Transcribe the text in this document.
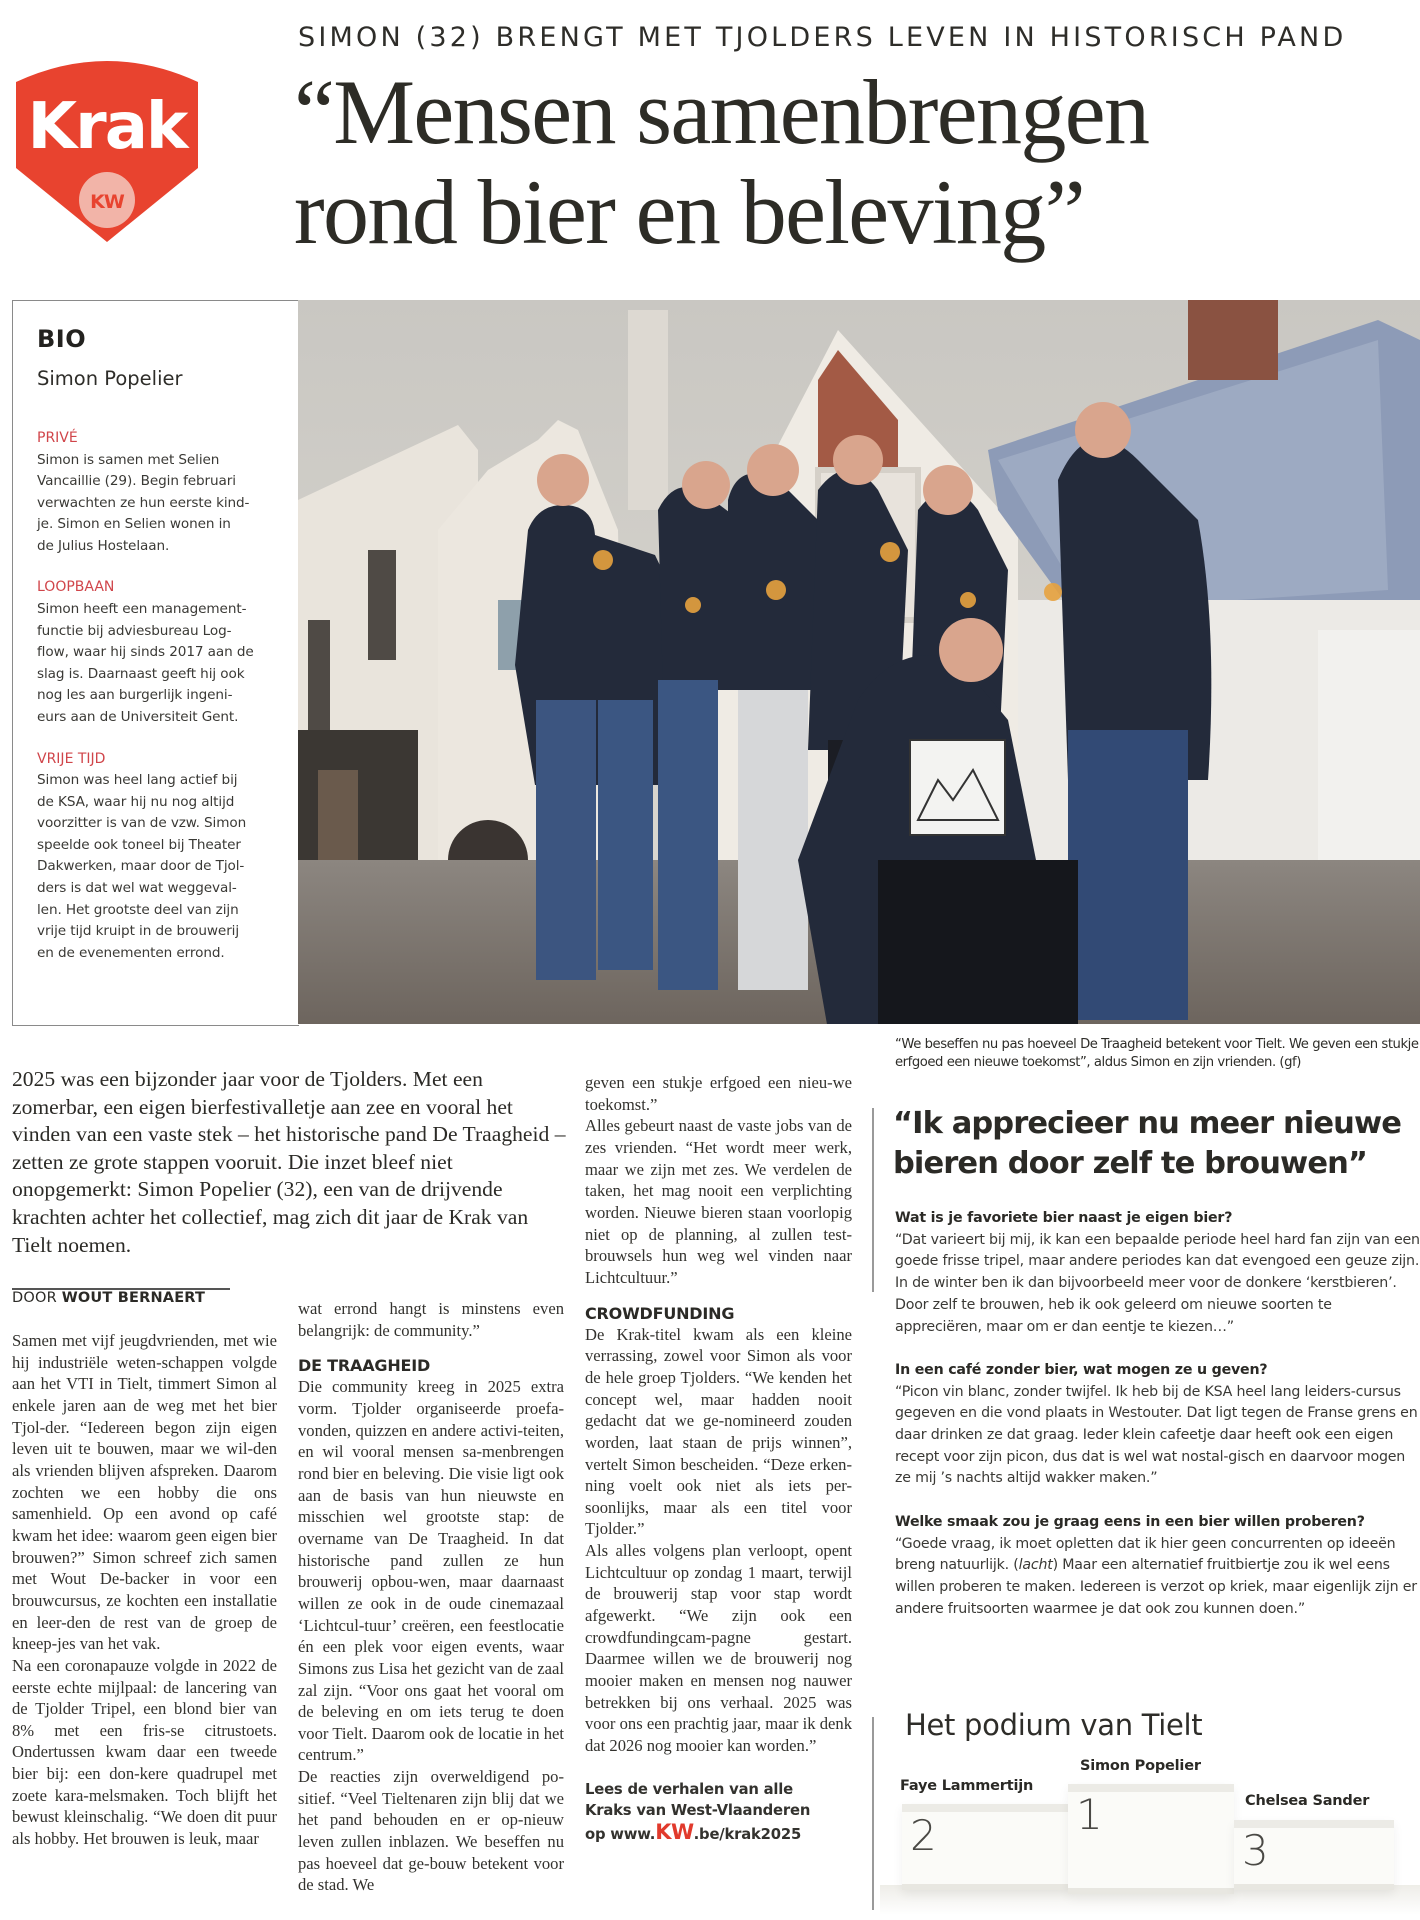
Krak
KW
SIMON (32) BRENGT MET TJOLDERS LEVEN IN HISTORISCH PAND
“Mensen samenbrengen
rond bier en beleving”
BIO
Simon Popelier
PRIVÉ
Simon is samen met Selien
Vancaillie (29). Begin februari
verwachten ze hun eerste kind-
je. Simon en Selien wonen in
de Julius Hostelaan.
LOOPBAAN
Simon heeft een management-
functie bij adviesbureau Log-
flow, waar hij sinds 2017 aan de
slag is. Daarnaast geeft hij ook
nog les aan burgerlijk ingeni-
eurs aan de Universiteit Gent.
VRIJE TIJD
Simon was heel lang actief bij
de KSA, waar hij nu nog altijd
voorzitter is van de vzw. Simon
speelde ook toneel bij Theater
Dakwerken, maar door de Tjol-
ders is dat wel wat weggeval-
len. Het grootste deel van zijn
vrije tijd kruipt in de brouwerij
en de evenementen errond.
“We beseffen nu pas hoeveel De Traagheid betekent voor Tielt. We geven een stukje erfgoed een nieuwe toekomst”, aldus Simon en zijn vrienden. (gf)
2025 was een bijzonder jaar voor de Tjolders. Met een zomerbar, een eigen bierfestivalletje aan zee en vooral het vinden van een vaste stek – het historische pand De Traagheid – zetten ze grote stappen vooruit. Die inzet bleef niet onopgemerkt: Simon Popelier (32), een van de drijvende krachten achter het collectief, mag zich dit jaar de Krak van Tielt noemen.
DOOR WOUT BERNAERT

Samen met vijf jeugdvrienden, met wie hij industriële weten-schappen volgde aan het VTI in Tielt, timmert Simon al enkele jaren aan de weg met het bier Tjol-der. “Iedereen begon zijn eigen leven uit te bouwen, maar we wil-den als vrienden blijven afspreken. Daarom zochten we een hobby die ons samenhield. Op een avond op café kwam het idee: waarom geen eigen bier brouwen?” Simon schreef zich samen met Wout De-backer in voor een brouwcursus, ze kochten een installatie en leer-den de rest van de groep de kneep-jes van het vak.

Na een coronapauze volgde in 2022 de eerste echte mijlpaal: de lancering van de Tjolder Tripel, een blond bier van 8% met een fris-se citrustoets. Ondertussen kwam daar een tweede bier bij: een don-kere quadrupel met zoete kara-melsmaken. Toch blijft het bewust kleinschalig. “We doen dit puur als hobby. Het brouwen is leuk, maar

wat errond hangt is minstens even belangrijk: de community.”

DE TRAAGHEID

Die community kreeg in 2025 extra vorm. Tjolder organiseerde proefa-vonden, quizzen en andere activi-teiten, en wil vooral mensen sa-menbrengen rond bier en beleving. Die visie ligt ook aan de basis van hun nieuwste en misschien wel grootste stap: de overname van De Traagheid. In dat historische pand zullen ze hun brouwerij opbou-wen, maar daarnaast willen ze ook in de oude cinemazaal ‘Lichtcul-tuur’ creëren, een feestlocatie én een plek voor eigen events, waar Simons zus Lisa het gezicht van de zaal zal zijn. “Voor ons gaat het vooral om de beleving en om iets terug te doen voor Tielt. Daarom ook de locatie in het centrum.”

De reacties zijn overweldigend po-sitief. “Veel Tieltenaren zijn blij dat we het pand behouden en er op-nieuw leven zullen inblazen. We beseffen nu pas hoeveel dat ge-bouw betekent voor de stad. We

geven een stukje erfgoed een nieu-we toekomst.”

Alles gebeurt naast de vaste jobs van de zes vrienden. “Het wordt meer werk, maar we zijn met zes. We verdelen de taken, het mag nooit een verplichting worden. Nieuwe bieren staan voorlopig niet op de planning, al zullen test-brouwsels hun weg wel vinden naar Lichtcultuur.”

CROWDFUNDING

De Krak-titel kwam als een kleine verrassing, zowel voor Simon als voor de hele groep Tjolders. “We kenden het concept wel, maar hadden nooit gedacht dat we ge-nomineerd zouden worden, laat staan de prijs winnen”, vertelt Simon bescheiden. “Deze erken-ning voelt ook niet als iets per-soonlijks, maar als een titel voor Tjolder.”

Als alles volgens plan verloopt, opent Lichtcultuur op zondag 1 maart, terwijl de brouwerij stap voor stap wordt afgewerkt. “We zijn ook een crowdfundingcam-pagne gestart. Daarmee willen we de brouwerij nog mooier maken en mensen nog nauwer betrekken bij ons verhaal. 2025 was voor ons een prachtig jaar, maar ik denk dat 2026 nog mooier kan worden.”

Lees de verhalen van alle
Kraks van West-Vlaanderen
op www.KW.be/krak2025
“Ik apprecieer nu meer nieuwe
bieren door zelf te brouwen”
Wat is je favoriete bier naast je eigen bier?
“Dat varieert bij mij, ik kan een bepaalde periode heel hard fan zijn van een goede frisse tripel, maar andere periodes kan dat evengoed een geuze zijn. In de winter ben ik dan bijvoorbeeld meer voor de donkere ‘kerstbieren’. Door zelf te brouwen, heb ik ook geleerd om nieuwe soorten te appreciëren, maar om er dan eentje te kiezen…”
In een café zonder bier, wat mogen ze u geven?
“Picon vin blanc, zonder twijfel. Ik heb bij de KSA heel lang leiders-cursus gegeven en die vond plaats in Westouter. Dat ligt tegen de Franse grens en daar drinken ze dat graag. Ieder klein cafeetje daar heeft ook een eigen recept voor zijn picon, dus dat is wel wat nostal-gisch en daarvoor mogen ze mij ’s nachts altijd wakker maken.”
Welke smaak zou je graag eens in een bier willen proberen?
“Goede vraag, ik moet opletten dat ik hier geen concurrenten op ideeën breng natuurlijk. (lacht) Maar een alternatief fruitbiertje zou ik wel eens willen proberen te maken. Iedereen is verzot op kriek, maar eigenlijk zijn er andere fruitsoorten waarmee je dat ook zou kunnen doen.”
Het podium van Tielt
Faye Lammertijn
2
Simon Popelier
1	Chelsea Sander
3
